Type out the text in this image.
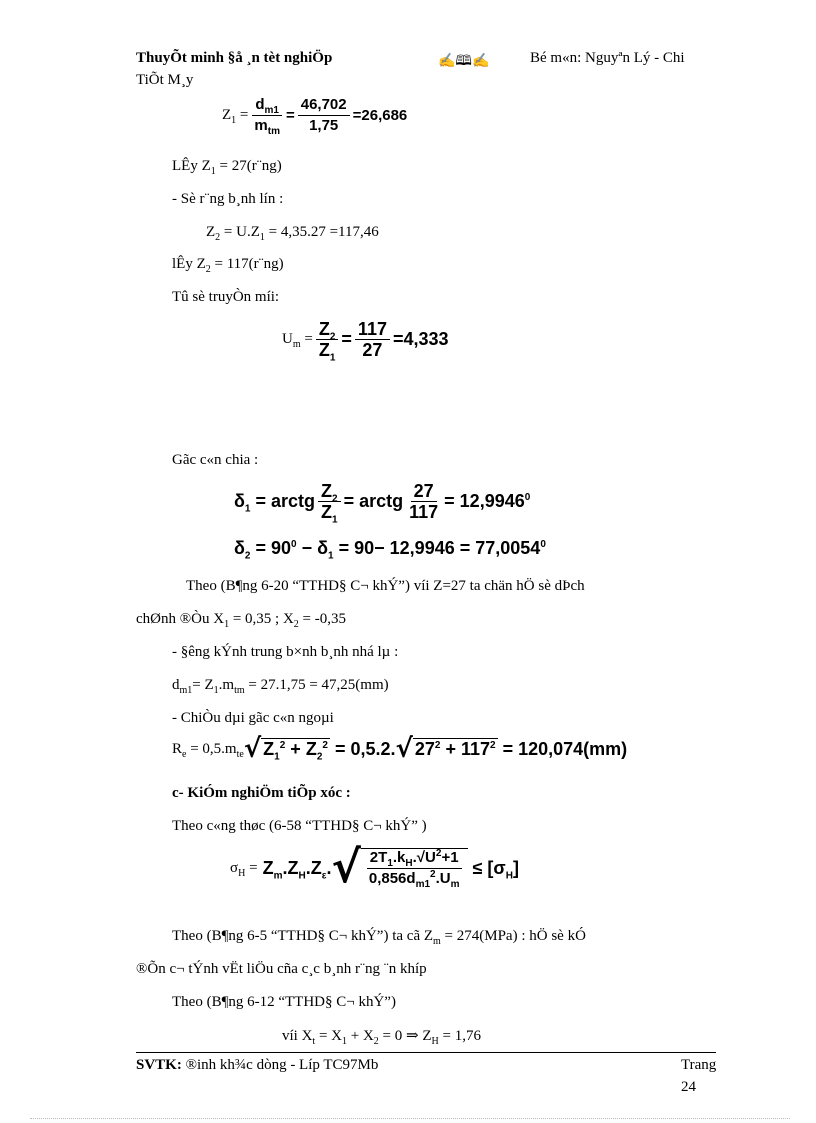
ThuyÕt minh §å ¸n tèt nghiÖp	✍🕮✍	Bé m«n: Nguyªn Lý - Chi
TiÕt M¸y
$Z_1 = \frac{d_{m1}}{m_{tm}} = \frac{46,702}{1,75} = 26,686$
LÊy $Z_1$ = 27(r¨ng)
- Sè r¨ng b¸nh lín :
$Z_2 = U.Z_1 = 4,35.27 =117,46$
lÊy $Z_2$ = 117(r¨ng)
Tû sè truyÒn míi:
$U_m = \frac{Z_2}{Z_1} = \frac{117}{27} = 4,333$
Gãc c«n chia :
$\delta_1$ = arctg $\frac{Z_2}{Z_1}$ = arctg $\frac{27}{117} = 12,9946^0$
$\delta_2 = 90^0 - \delta_1 = 90- 12,9946 = 77,0054^0$
Theo (B¶ng 6-20 “TTHD§ C¬ khÝ”) víi Z=27 ta chän hÖ sè dÞch
chØnh ®Òu $X_1 = 0,35$ ; $X_2 = -0,35$
- §êng kÝnh trung b×nh b¸nh nhá lµ :
$d_{m1}= Z_1.m_{tm} = 27.1,75 = 47,25(mm)$
- ChiÒu dµi gãc c«n ngoµi
$R_e = 0,5.m_{te}$ √ $Z_1^2 + Z_2^2 = 0,5.2$. √ $27^2 + 117^2 = 120,074(mm)$
c- KiÓm nghiÖm tiÕp xóc :
Theo c«ng thøc (6-58 “TTHD§ C¬ khÝ” )
$\sigma_H = Z_m.Z_H.Z_\varepsilon$. √ $\frac{2T_1.k_H.√U^2+1}{0,856d_{m1}^2.U_m} \le [\sigma_H]$
Theo (B¶ng 6-5 “TTHD§ C¬ khÝ”) ta cã $Z_m = 274(MPa)$ : hÖ sè kÓ
®Õn c¬ tÝnh vËt liÖu cña c¸c b¸nh r¨ng ¨n khíp
Theo (B¶ng 6-12 “TTHD§ C¬ khÝ”)
víi $X_t = X_1 + X_2 = 0$ ⇒ $Z_H = 1,76$
SVTK: ®inh kh¾c dòng - Líp TC97Mb	Trang
24
